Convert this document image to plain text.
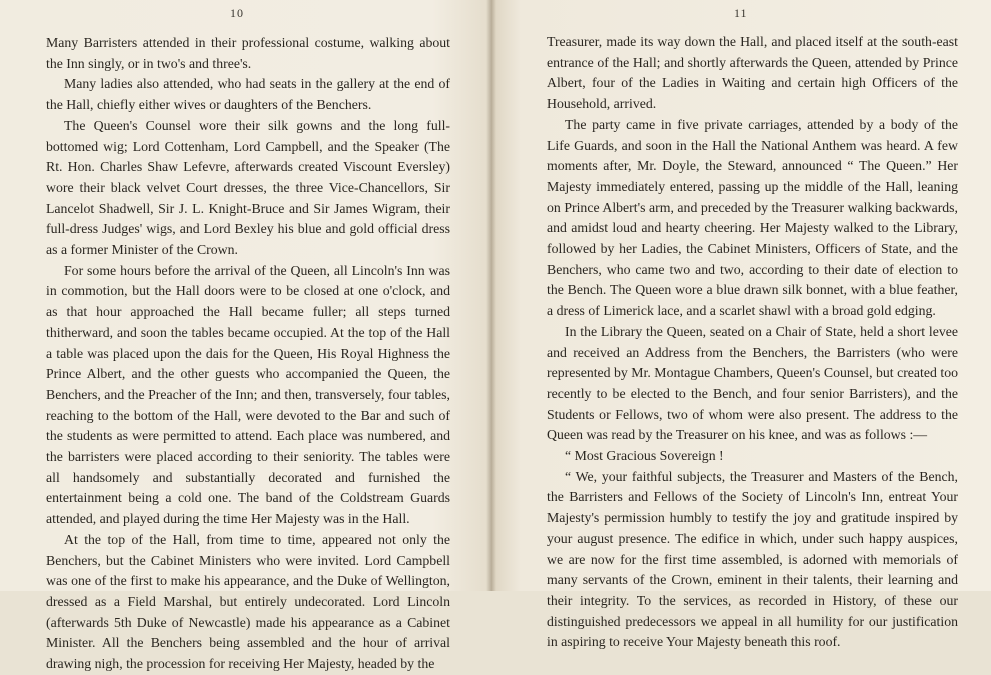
10

Many Barristers attended in their professional costume, walking about the Inn singly, or in two's and three's.

Many ladies also attended, who had seats in the gallery at the end of the Hall, chiefly either wives or daughters of the Benchers.

The Queen's Counsel wore their silk gowns and the long full-bottomed wig; Lord Cottenham, Lord Campbell, and the Speaker (The Rt. Hon. Charles Shaw Lefevre, afterwards created Viscount Eversley) wore their black velvet Court dresses, the three Vice-Chancellors, Sir Lancelot Shadwell, Sir J. L. Knight-Bruce and Sir James Wigram, their full-dress Judges' wigs, and Lord Bexley his blue and gold official dress as a former Minister of the Crown.

For some hours before the arrival of the Queen, all Lincoln's Inn was in commotion, but the Hall doors were to be closed at one o'clock, and as that hour approached the Hall became fuller; all steps turned thitherward, and soon the tables became occupied. At the top of the Hall a table was placed upon the dais for the Queen, His Royal Highness the Prince Albert, and the other guests who accompanied the Queen, the Benchers, and the Preacher of the Inn; and then, transversely, four tables, reaching to the bottom of the Hall, were devoted to the Bar and such of the students as were permitted to attend. Each place was numbered, and the barristers were placed according to their seniority. The tables were all handsomely and substantially decorated and furnished the entertainment being a cold one. The band of the Coldstream Guards attended, and played during the time Her Majesty was in the Hall.

At the top of the Hall, from time to time, appeared not only the Benchers, but the Cabinet Ministers who were invited. Lord Campbell was one of the first to make his appearance, and the Duke of Wellington, dressed as a Field Marshal, but entirely undecorated. Lord Lincoln (afterwards 5th Duke of Newcastle) made his appearance as a Cabinet Minister. All the Benchers being assembled and the hour of arrival drawing nigh, the procession for receiving Her Majesty, headed by the

11

Treasurer, made its way down the Hall, and placed itself at the south-east entrance of the Hall; and shortly afterwards the Queen, attended by Prince Albert, four of the Ladies in Waiting and certain high Officers of the Household, arrived.

The party came in five private carriages, attended by a body of the Life Guards, and soon in the Hall the National Anthem was heard. A few moments after, Mr. Doyle, the Steward, announced “ The Queen.” Her Majesty immediately entered, passing up the middle of the Hall, leaning on Prince Albert's arm, and preceded by the Treasurer walking backwards, and amidst loud and hearty cheering. Her Majesty walked to the Library, followed by her Ladies, the Cabinet Ministers, Officers of State, and the Benchers, who came two and two, according to their date of election to the Bench. The Queen wore a blue drawn silk bonnet, with a blue feather, a dress of Limerick lace, and a scarlet shawl with a broad gold edging.

In the Library the Queen, seated on a Chair of State, held a short levee and received an Address from the Benchers, the Barristers (who were represented by Mr. Montague Chambers, Queen's Counsel, but created too recently to be elected to the Bench, and four senior Barristers), and the Students or Fellows, two of whom were also present. The address to the Queen was read by the Treasurer on his knee, and was as follows :—

“ Most Gracious Sovereign !

“ We, your faithful subjects, the Treasurer and Masters of the Bench, the Barristers and Fellows of the Society of Lincoln's Inn, entreat Your Majesty's permission humbly to testify the joy and gratitude inspired by your august presence. The edifice in which, under such happy auspices, we are now for the first time assembled, is adorned with memorials of many servants of the Crown, eminent in their talents, their learning and their integrity. To the services, as recorded in History, of these our distinguished predecessors we appeal in all humility for our justification in aspiring to receive Your Majesty beneath this roof.
